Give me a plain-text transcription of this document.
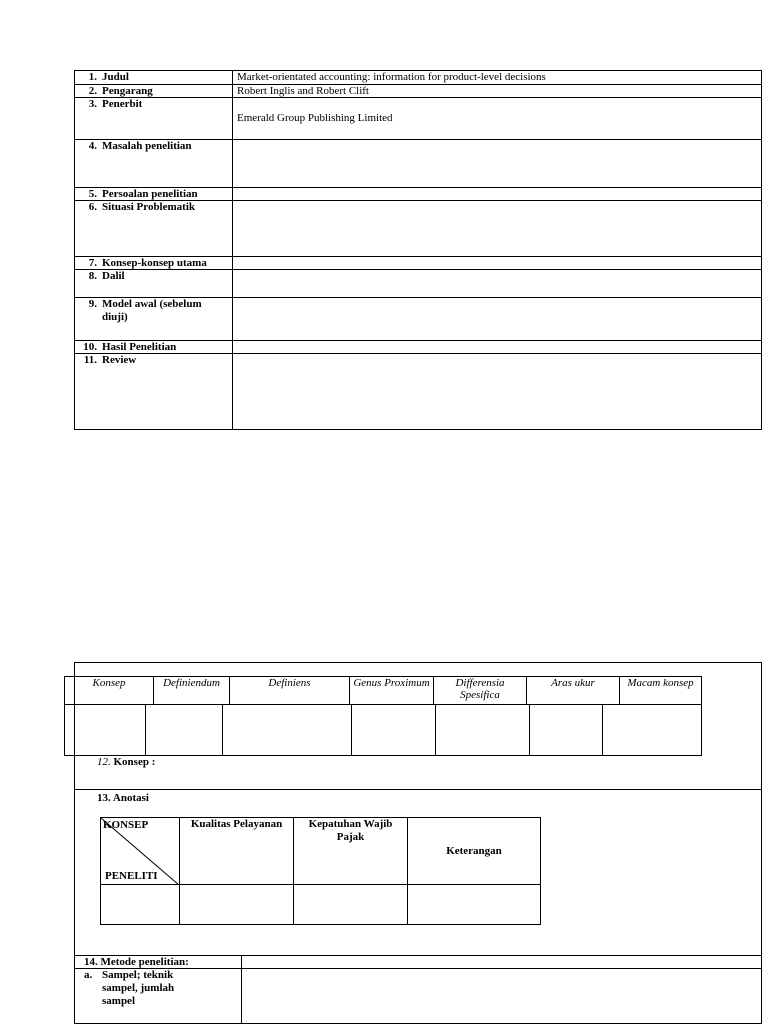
1. Judul	Market-orientated accounting: information for product-level decisions
2. Pengarang	Robert Inglis and Robert Clift
3. Penerbit	Emerald Group Publishing Limited
4. Masalah penelitian	
5. Persoalan penelitian	
6. Situasi Problematik	
7. Konsep-konsep utama	
8. Dalil	

9. Model awal (sebelum diuji)	

10. Hasil Penelitian	
11. Review	
Konsep	Definiendum	Definiens	Genus Proximum	Differensia Spesifica	Aras ukur	Macam konsep

12. Konsep :
13. Anotasi
KONSEP
PENELITI	Kualitas Pelayanan	Kepatuhan Wajib Pajak	Keterangan

14. Metode penelitian:	

a. Sampel; teknik sampel, jumlah sampel	
